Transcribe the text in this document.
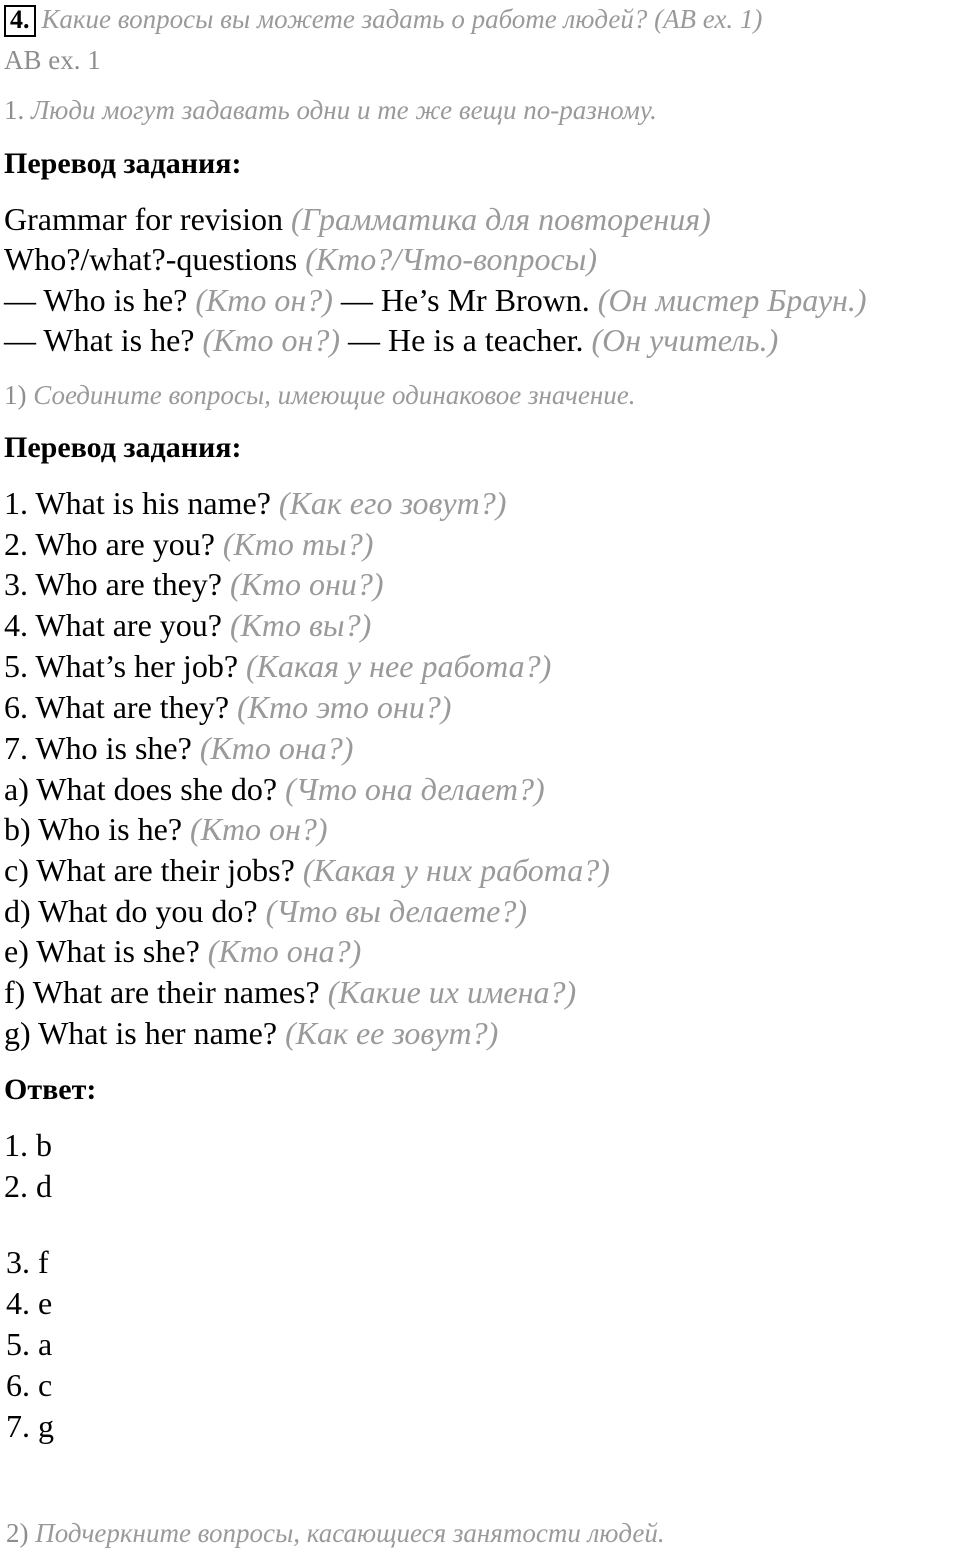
4. Какие вопросы вы можете задать о работе людей? (АВ ех. 1)
AB ex. 1
1. Люди могут задавать одни и те же вещи по-разному.
Перевод задания:
Grammar for revision (Грамматика для повторения)
Who?/what?-questions (Кто?/Что-вопросы)
— Who is he? (Кто он?) — He’s Mr Brown. (Он мистер Браун.)
— What is he? (Кто он?) — He is a teacher. (Он учитель.)
1) Соедините вопросы, имеющие одинаковое значение.
Перевод задания:
1. What is his name? (Как его зовут?)
2. Who are you? (Кто ты?)
3. Who are they? (Кто они?)
4. What are you? (Кто вы?)
5. What’s her job? (Какая у нее работа?)
6. What are they? (Кто это они?)
7. Who is she? (Кто она?)
a) What does she do? (Что она делает?)
b) Who is he? (Кто он?)
c) What are their jobs? (Какая у них работа?)
d) What do you do? (Что вы делаете?)
e) What is she? (Кто она?)
f) What are their names? (Какие их имена?)
g) What is her name? (Как ее зовут?)
Ответ:
1. b
2. d
3. f
4. e
5. a
6. c
7. g
2) Подчеркните вопросы, касающиеся занятости людей.
